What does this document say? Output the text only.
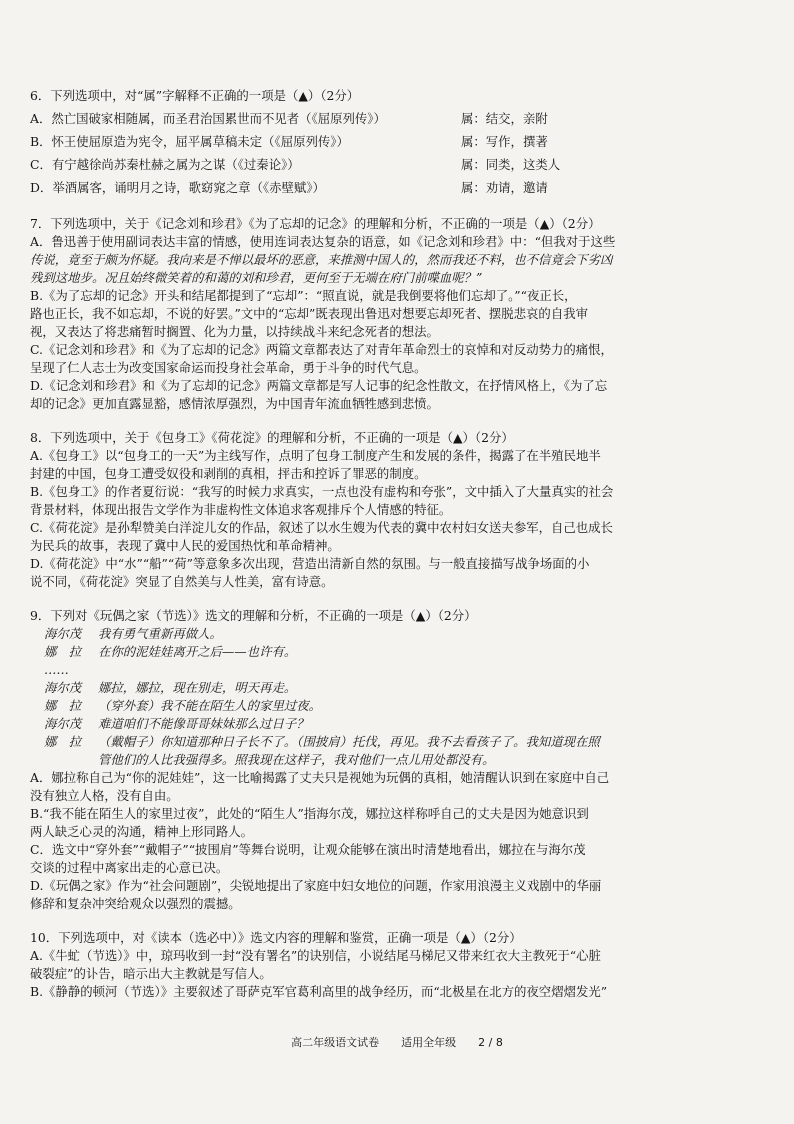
6．下列选项中，对“属”字解释不正确的一项是（▲）（2分）
A．然亡国破家相随属，而圣君治国累世而不见者（《屈原列传》）	属：结交，亲附
B．怀王使屈原造为宪令，屈平属草稿未定（《屈原列传》）	属：写作，撰著
C．有宁越徐尚苏秦杜赫之属为之谋（《过秦论》）	属：同类，这类人
D．举酒属客，诵明月之诗，歌窈窕之章（《赤壁赋》）	属：劝请，邀请
7．下列选项中，关于《记念刘和珍君》《为了忘却的记念》的理解和分析，不正确的一项是（▲）（2分）
A．鲁迅善于使用副词表达丰富的情感，使用连词表达复杂的语意，如《记念刘和珍君》中：“但我对于这些
传说，竟至于颇为怀疑。我向来是不惮以最坏的恶意，来推测中国人的，然而我还不料，也不信竟会下劣凶
残到这地步。况且始终微笑着的和蔼的刘和珍君，更何至于无端在府门前喋血呢？”
B.《为了忘却的记念》开头和结尾都提到了“忘却”：“照直说，就是我倒要将他们忘却了。”“夜正长，
路也正长，我不如忘却，不说的好罢。”文中的“忘却”既表现出鲁迅对想要忘却死者、摆脱悲哀的自我审
视，又表达了将悲痛暂时搁置、化为力量，以持续战斗来纪念死者的想法。
C.《记念刘和珍君》和《为了忘却的记念》两篇文章都表达了对青年革命烈士的哀悼和对反动势力的痛恨，
呈现了仁人志士为改变国家命运而投身社会革命，勇于斗争的时代气息。
D.《记念刘和珍君》和《为了忘却的记念》两篇文章都是写人记事的纪念性散文，在抒情风格上，《为了忘
却的记念》更加直露显豁，感情浓厚强烈，为中国青年流血牺牲感到悲愤。
8．下列选项中，关于《包身工》《荷花淀》的理解和分析，不正确的一项是（▲）（2分）
A.《包身工》以“包身工的一天”为主线写作，点明了包身工制度产生和发展的条件，揭露了在半殖民地半
封建的中国，包身工遭受奴役和剥削的真相，抨击和控诉了罪恶的制度。
B.《包身工》的作者夏衍说：“我写的时候力求真实，一点也没有虚构和夸张”，文中插入了大量真实的社会
背景材料，体现出报告文学作为非虚构性文体追求客观排斥个人情感的特征。
C.《荷花淀》是孙犁赞美白洋淀儿女的作品，叙述了以水生嫂为代表的冀中农村妇女送夫参军，自己也成长
为民兵的故事，表现了冀中人民的爱国热忱和革命精神。
D.《荷花淀》中“水”“船”“荷”等意象多次出现，营造出清新自然的氛围。与一般直接描写战争场面的小
说不同，《荷花淀》突显了自然美与人性美，富有诗意。
9．下列对《玩偶之家（节选）》选文的理解和分析，不正确的一项是（▲）（2分）
海尔茂	我有勇气重新再做人。
娜　拉	在你的泥娃娃离开之后——也许有。
……
海尔茂	娜拉，娜拉，现在别走，明天再走。
娜　拉	（穿外套）我不能在陌生人的家里过夜。
海尔茂	难道咱们不能像哥哥妹妹那么过日子？
娜　拉	（戴帽子）你知道那种日子长不了。（围披肩）托伐，再见。我不去看孩子了。我知道现在照
管他们的人比我强得多。照我现在这样子，我对他们一点儿用处都没有。
A．娜拉称自己为“你的泥娃娃”，这一比喻揭露了丈夫只是视她为玩偶的真相，她清醒认识到在家庭中自己
没有独立人格，没有自由。
B.“我不能在陌生人的家里过夜”，此处的“陌生人”指海尔茂，娜拉这样称呼自己的丈夫是因为她意识到
两人缺乏心灵的沟通，精神上形同路人。
C．选文中“穿外套”“戴帽子”“披围肩”等舞台说明，让观众能够在演出时清楚地看出，娜拉在与海尔茂
交谈的过程中离家出走的心意已决。
D.《玩偶之家》作为“社会问题剧”，尖锐地提出了家庭中妇女地位的问题，作家用浪漫主义戏剧中的华丽
修辞和复杂冲突给观众以强烈的震撼。
10．下列选项中，对《读本（选必中）》选文内容的理解和鉴赏，正确一项是（▲）（2分）
A.《牛虻（节选）》中，琼玛收到一封“没有署名”的诀别信，小说结尾马梯尼又带来红衣大主教死于“心脏
破裂症”的讣告，暗示出大主教就是写信人。
B.《静静的顿河（节选）》主要叙述了哥萨克军官葛利高里的战争经历，而“北极星在北方的夜空熠熠发光”
高二年级语文试卷　　适用全年级　　2 / 8
